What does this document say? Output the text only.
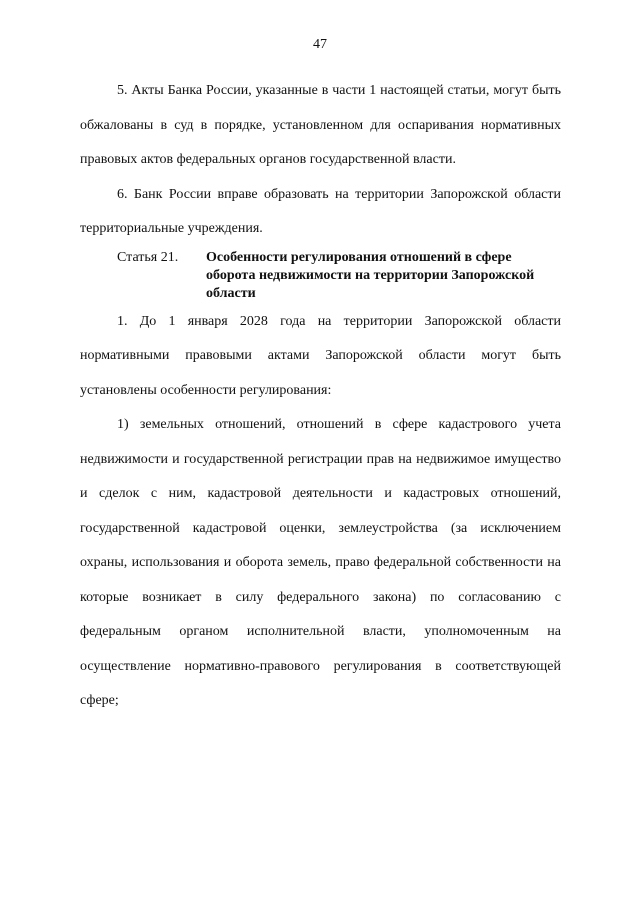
47

5. Акты Банка России, указанные в части 1 настоящей статьи, могут быть обжалованы в суд в порядке, установленном для оспаривания нормативных правовых актов федеральных органов государственной власти.

6. Банк России вправе образовать на территории Запорожской области территориальные учреждения.

Статья 21.	Особенности регулирования отношений в сфере оборота недвижимости на территории Запорожской области

1. До 1 января 2028 года на территории Запорожской области нормативными правовыми актами Запорожской области могут быть установлены особенности регулирования:

1) земельных отношений, отношений в сфере кадастрового учета недвижимости и государственной регистрации прав на недвижимое имущество и сделок с ним, кадастровой деятельности и кадастровых отношений, государственной кадастровой оценки, землеустройства (за исключением охраны, использования и оборота земель, право федеральной собственности на которые возникает в силу федерального закона) по согласованию с федеральным органом исполнительной власти, уполномоченным на осуществление нормативно-правового регулирования в соответствующей сфере;
